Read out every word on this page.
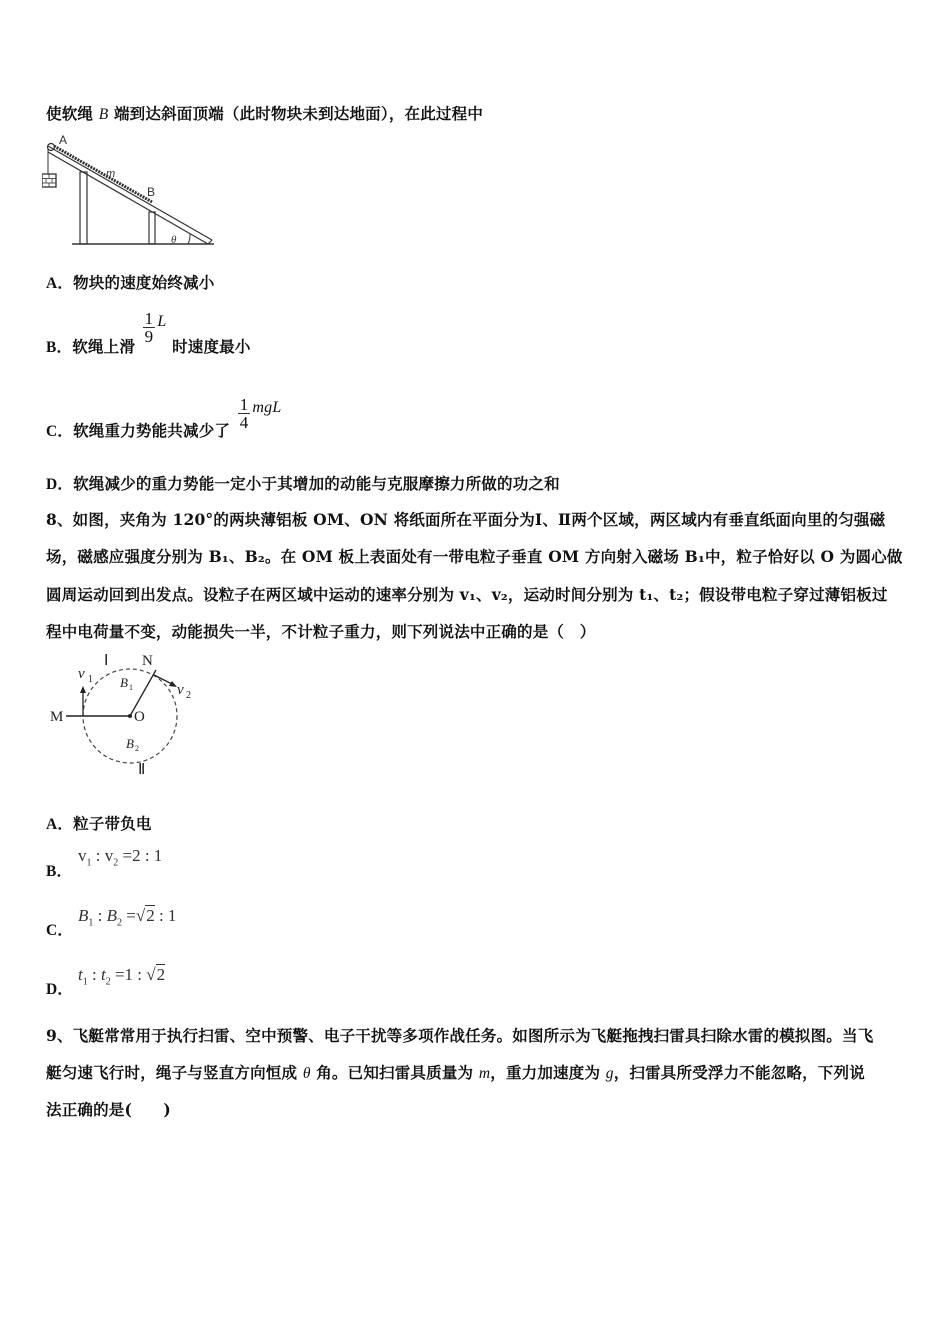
使软绳 B 端到达斜面顶端（此时物块未到达地面），在此过程中
A
m
B
θ
A．物块的速度始终减小
B．软绳上滑
$\frac{1}{9}$ L 时速度最小
C．软绳重力势能共减少了 $\frac{1}{4}$ mgL
D．软绳减少的重力势能一定小于其增加的动能与克服摩擦力所做的功之和
8、如图，夹角为 120°的两块薄铝板 OM、ON 将纸面所在平面分为Ⅰ、Ⅱ两个区域，两区域内有垂直纸面向里的匀强磁
场，磁感应强度分别为 B₁、B₂。在 OM 板上表面处有一带电粒子垂直 OM 方向射入磁场 B₁中，粒子恰好以 O 为圆心做
圆周运动回到出发点。设粒子在两区域中运动的速率分别为 v₁、v₂，运动时间分别为 t₁、t₂；假设带电粒子穿过薄铝板过
程中电荷量不变，动能损失一半，不计粒子重力，则下列说法中正确的是（　）
Ⅰ N
M	O
v 1
v 2
B 1
B 2
Ⅱ
A．粒子带负电
B．
$v_1$ : $v_2 =2$ : 1
C．
$B_1$ : $B_2 =√2$ : 1
D．
$t_1$ : $t_2 =1$ : √2
9、飞艇常常用于执行扫雷、空中预警、电子干扰等多项作战任务。如图所示为飞艇拖拽扫雷具扫除水雷的模拟图。当飞
艇匀速飞行时，绳子与竖直方向恒成 θ 角。已知扫雷具质量为 m，重力加速度为 g，扫雷具所受浮力不能忽略，下列说
法正确的是(　　)
